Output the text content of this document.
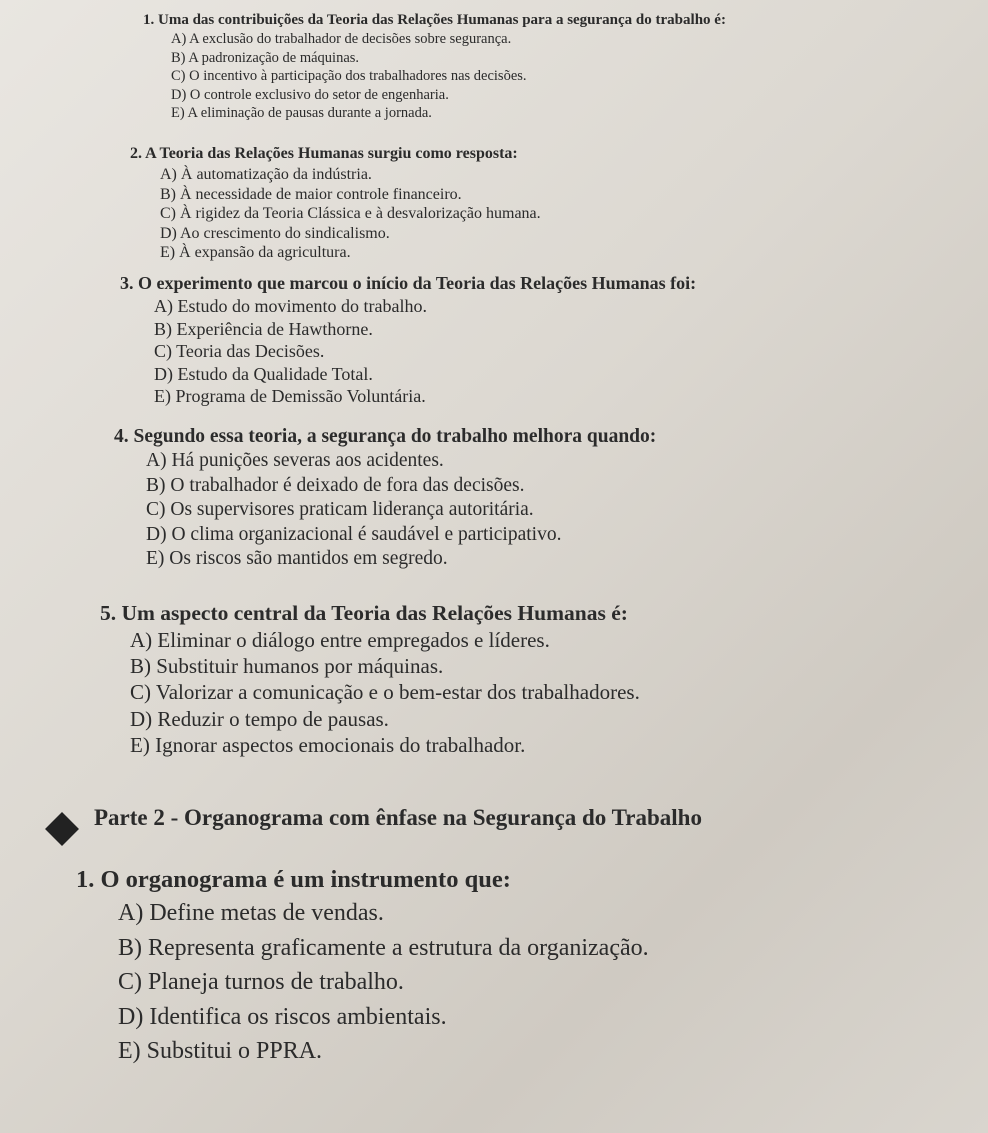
1. Uma das contribuições da Teoria das Relações Humanas para a segurança do trabalho é:

A) A exclusão do trabalhador de decisões sobre segurança.

B) A padronização de máquinas.

C) O incentivo à participação dos trabalhadores nas decisões.

D) O controle exclusivo do setor de engenharia.

E) A eliminação de pausas durante a jornada.

2. A Teoria das Relações Humanas surgiu como resposta:

A) À automatização da indústria.

B) À necessidade de maior controle financeiro.

C) À rigidez da Teoria Clássica e à desvalorização humana.

D) Ao crescimento do sindicalismo.

E) À expansão da agricultura.

3. O experimento que marcou o início da Teoria das Relações Humanas foi:

A) Estudo do movimento do trabalho.

B) Experiência de Hawthorne.

C) Teoria das Decisões.

D) Estudo da Qualidade Total.

E) Programa de Demissão Voluntária.

4. Segundo essa teoria, a segurança do trabalho melhora quando:

A) Há punições severas aos acidentes.

B) O trabalhador é deixado de fora das decisões.

C) Os supervisores praticam liderança autoritária.

D) O clima organizacional é saudável e participativo.

E) Os riscos são mantidos em segredo.

5. Um aspecto central da Teoria das Relações Humanas é:

A) Eliminar o diálogo entre empregados e líderes.

B) Substituir humanos por máquinas.

C) Valorizar a comunicação e o bem-estar dos trabalhadores.

D) Reduzir o tempo de pausas.

E) Ignorar aspectos emocionais do trabalhador.

Parte 2 - Organograma com ênfase na Segurança do Trabalho

1. O organograma é um instrumento que:

A) Define metas de vendas.

B) Representa graficamente a estrutura da organização.

C) Planeja turnos de trabalho.

D) Identifica os riscos ambientais.

E) Substitui o PPRA.
